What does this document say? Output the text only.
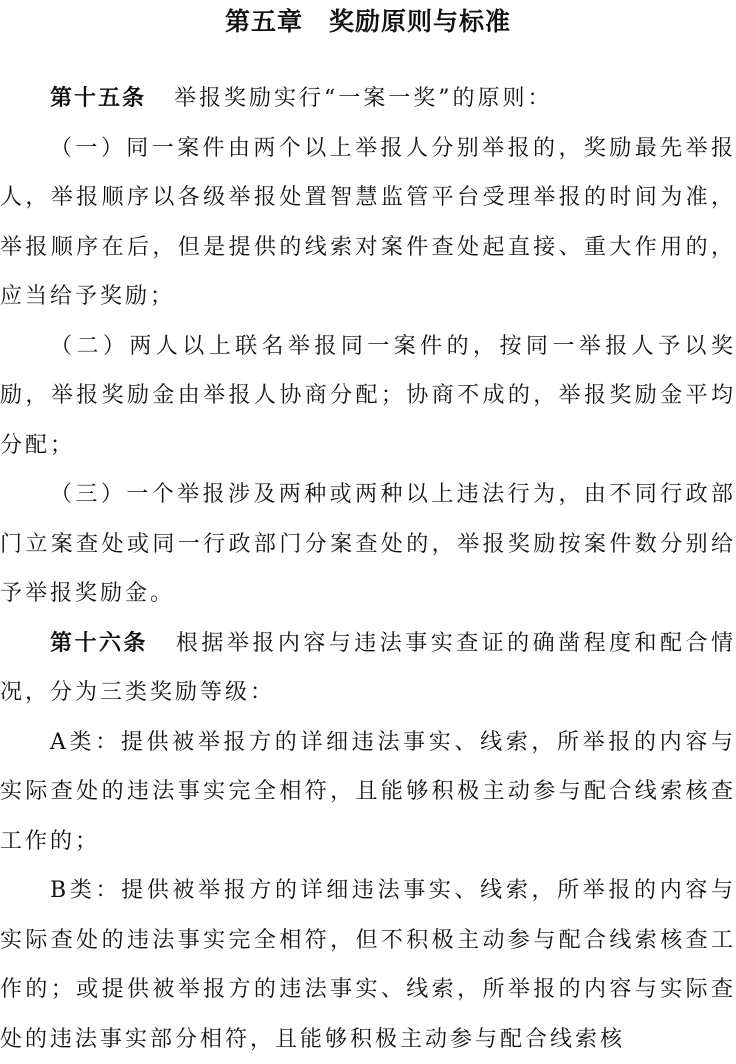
第五章　奖励原则与标准

第十五条 举报奖励实行“一案一奖”的原则：

（一）同一案件由两个以上举报人分别举报的，奖励最先举报人，举报顺序以各级举报处置智慧监管平台受理举报的时间为准，举报顺序在后，但是提供的线索对案件查处起直接、重大作用的，应当给予奖励；

（二）两人以上联名举报同一案件的，按同一举报人予以奖励，举报奖励金由举报人协商分配；协商不成的，举报奖励金平均分配；

（三）一个举报涉及两种或两种以上违法行为，由不同行政部门立案查处或同一行政部门分案查处的，举报奖励按案件数分别给予举报奖励金。

第十六条 根据举报内容与违法事实查证的确凿程度和配合情况，分为三类奖励等级：

A类：提供被举报方的详细违法事实、线索，所举报的内容与实际查处的违法事实完全相符，且能够积极主动参与配合线索核查工作的；

B类：提供被举报方的详细违法事实、线索，所举报的内容与实际查处的违法事实完全相符，但不积极主动参与配合线索核查工作的；或提供被举报方的违法事实、线索，所举报的内容与实际查处的违法事实部分相符，且能够积极主动参与配合线索核
